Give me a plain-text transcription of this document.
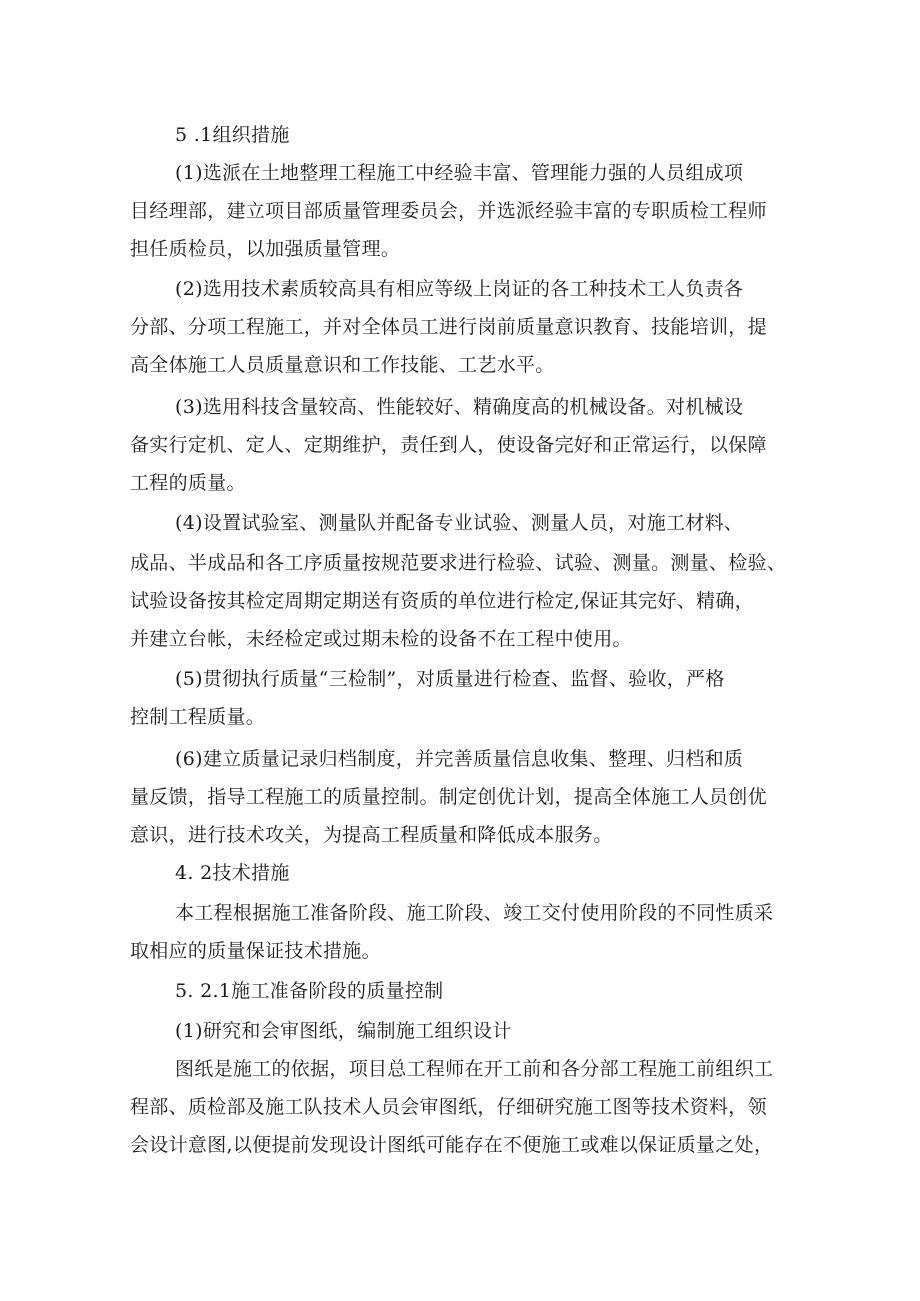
5 .1组织措施
(1)选派在土地整理工程施工中经验丰富、管理能力强的人员组成项
目经理部，建立项目部质量管理委员会，并选派经验丰富的专职质检工程师
担任质检员，以加强质量管理。
(2)选用技术素质较高具有相应等级上岗证的各工种技术工人负责各
分部、分项工程施工，并对全体员工进行岗前质量意识教育、技能培训，提
高全体施工人员质量意识和工作技能、工艺水平。
(3)选用科技含量较高、性能较好、精确度高的机械设备。对机械设
备实行定机、定人、定期维护，责任到人，使设备完好和正常运行，以保障
工程的质量。
(4)设置试验室、测量队并配备专业试验、测量人员，对施工材料、
成品、半成品和各工序质量按规范要求进行检验、试验、测量。测量、检验、
试验设备按其检定周期定期送有资质的单位进行检定,保证其完好、精确，
并建立台帐，未经检定或过期未检的设备不在工程中使用。
(5)贯彻执行质量“三检制”，对质量进行检查、监督、验收，严格
控制工程质量。
(6)建立质量记录归档制度，并完善质量信息收集、整理、归档和质
量反馈，指导工程施工的质量控制。制定创优计划，提高全体施工人员创优
意识，进行技术攻关，为提高工程质量和降低成本服务。
4. 2技术措施
本工程根据施工准备阶段、施工阶段、竣工交付使用阶段的不同性质采
取相应的质量保证技术措施。
5. 2.1施工准备阶段的质量控制
(1)研究和会审图纸，编制施工组织设计
图纸是施工的依据，项目总工程师在开工前和各分部工程施工前组织工
程部、质检部及施工队技术人员会审图纸，仔细研究施工图等技术资料，领
会设计意图,以便提前发现设计图纸可能存在不便施工或难以保证质量之处，
